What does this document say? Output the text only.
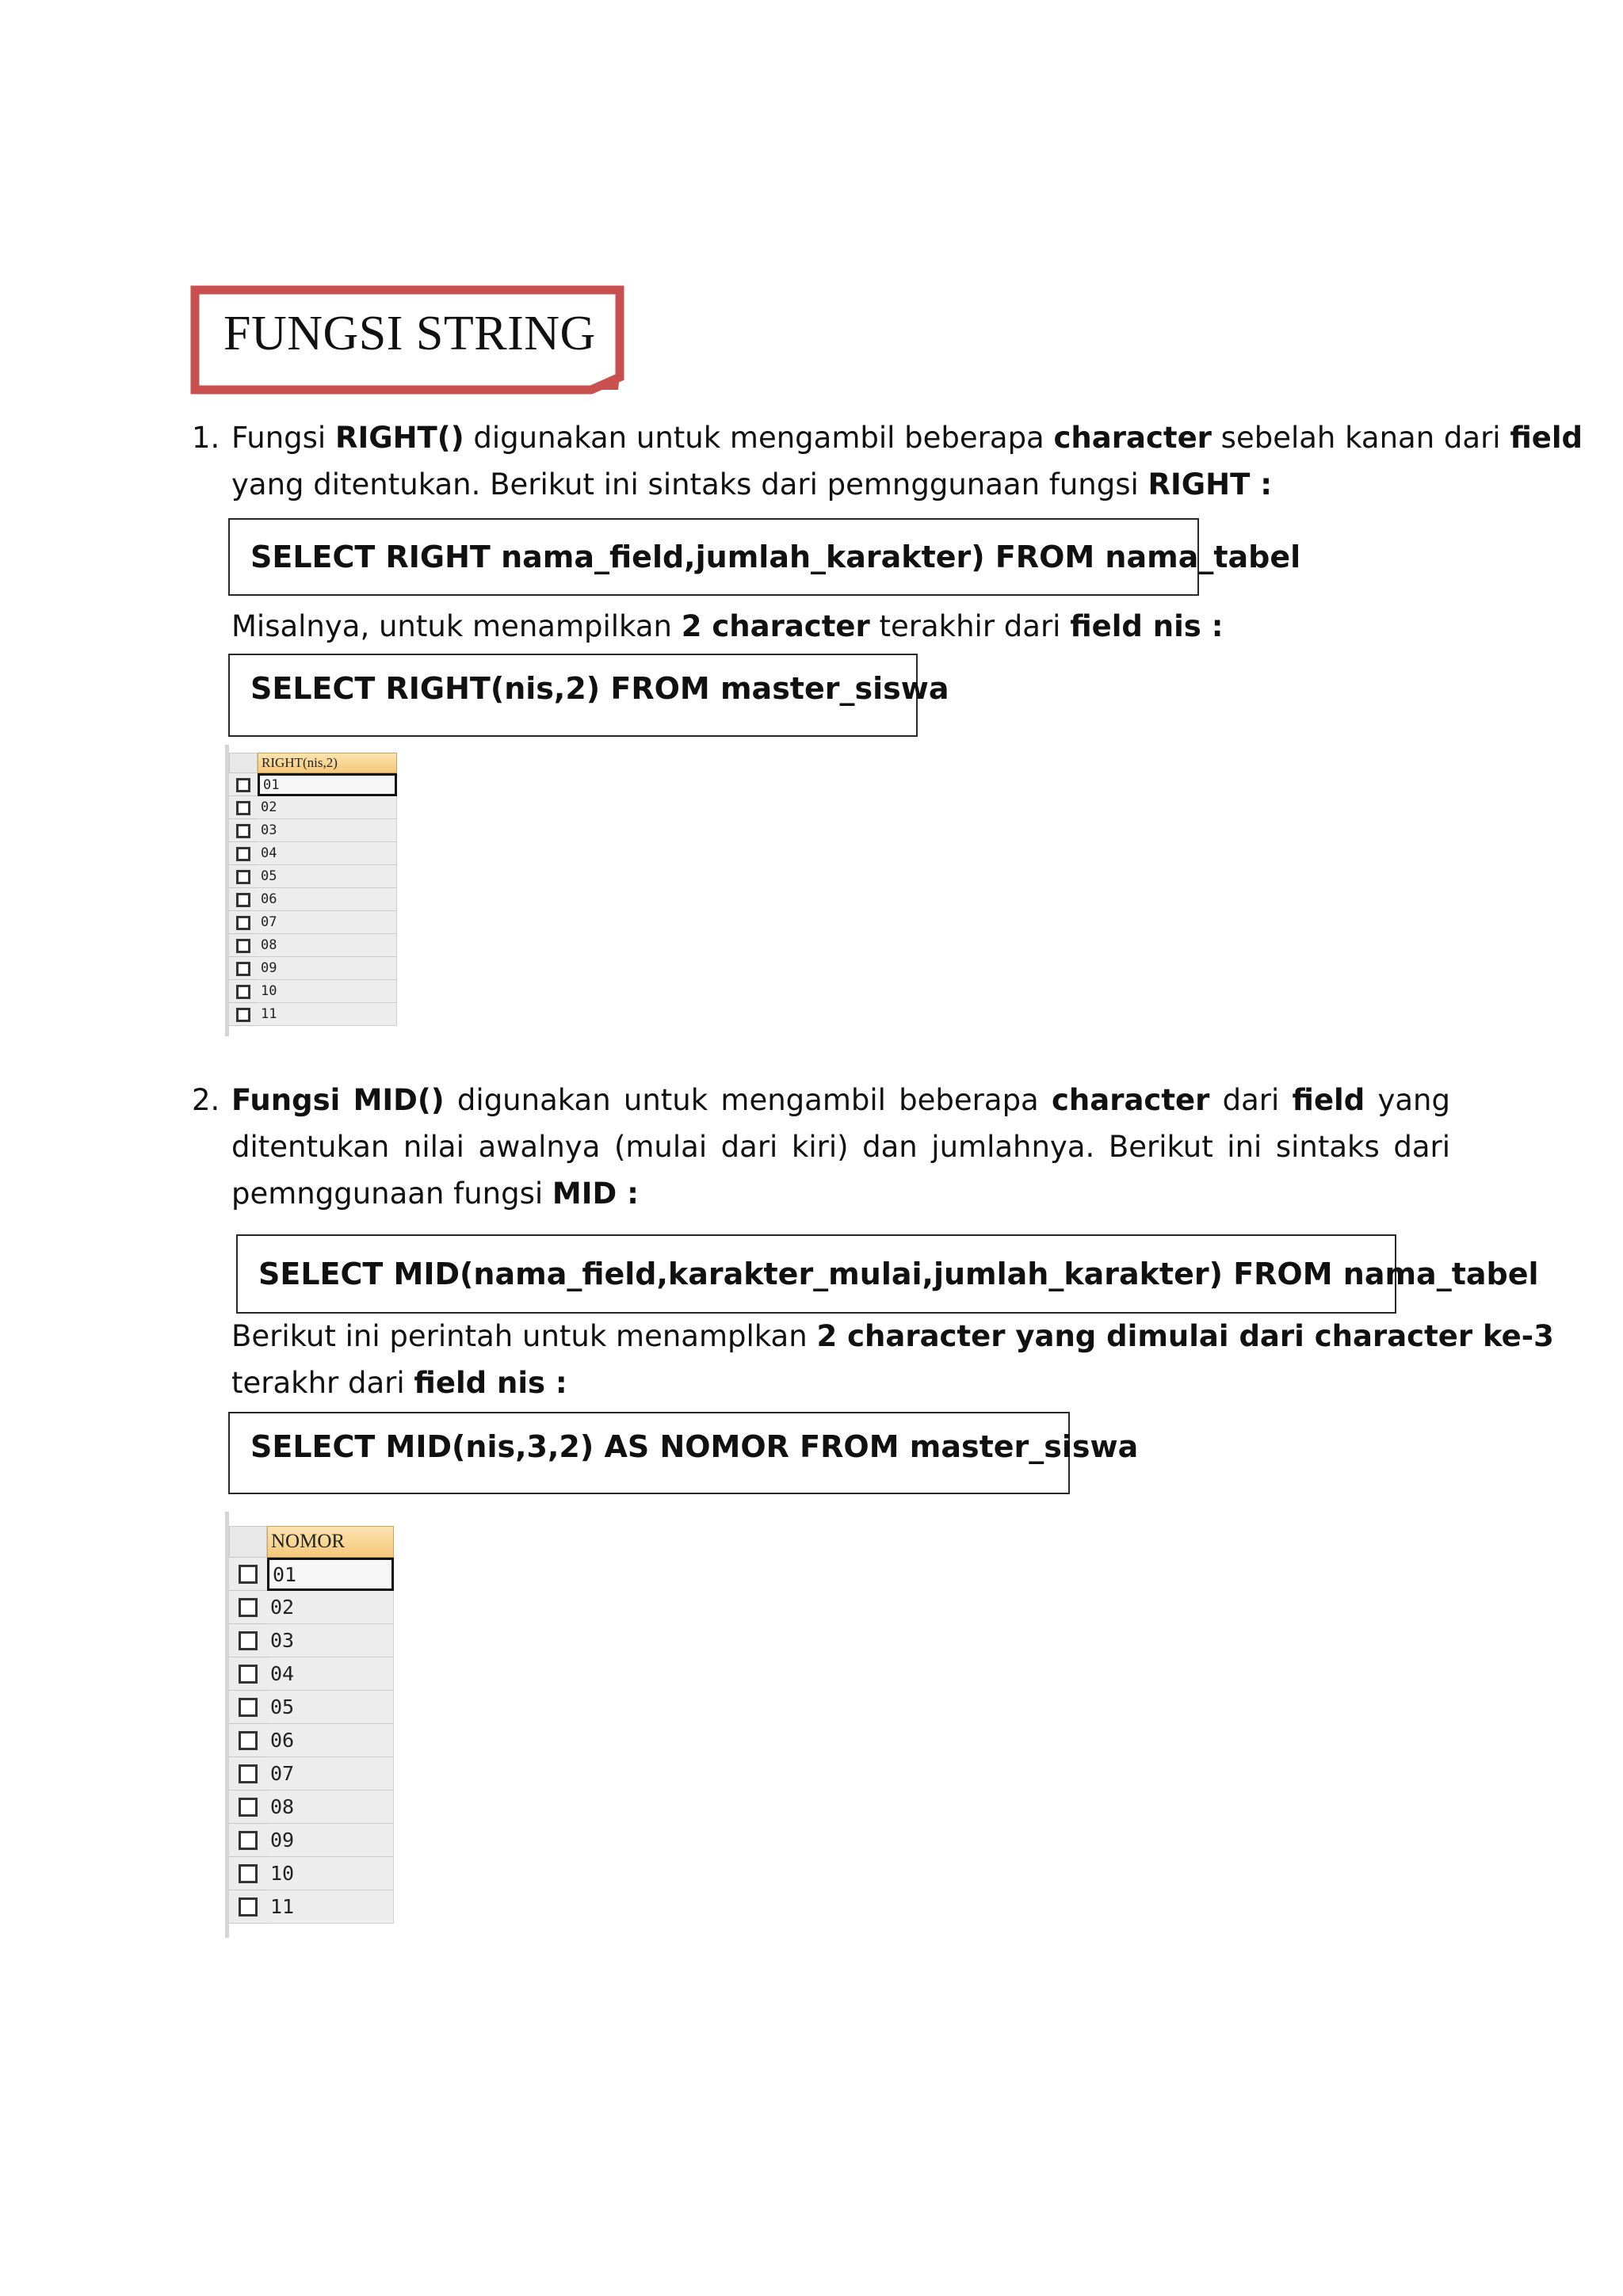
FUNGSI STRING
1. Fungsi RIGHT() digunakan untuk mengambil beberapa character sebelah kanan dari field

yang ditentukan. Berikut ini sintaks dari pemnggunaan fungsi RIGHT :

SELECT RIGHT nama_field,jumlah_karakter) FROM nama_tabel

Misalnya, untuk menampilkan 2 character terakhir dari field nis :

SELECT RIGHT(nis,2) FROM master_siswa
RIGHT(nis,2)
01
02
03
04
05
06
07
08
09
10
11
2. Fungsi MID() digunakan untuk mengambil beberapa character dari field yang ditentukan nilai awalnya (mulai dari kiri) dan jumlahnya. Berikut ini sintaks dari pemnggunaan fungsi MID :

SELECT MID(nama_field,karakter_mulai,jumlah_karakter) FROM nama_tabel

Berikut ini perintah untuk menamplkan 2 character yang dimulai dari character ke-3

terakhr dari field nis :

SELECT MID(nis,3,2) AS NOMOR FROM master_siswa
NOMOR
01
02
03
04
05
06
07
08
09
10
11
